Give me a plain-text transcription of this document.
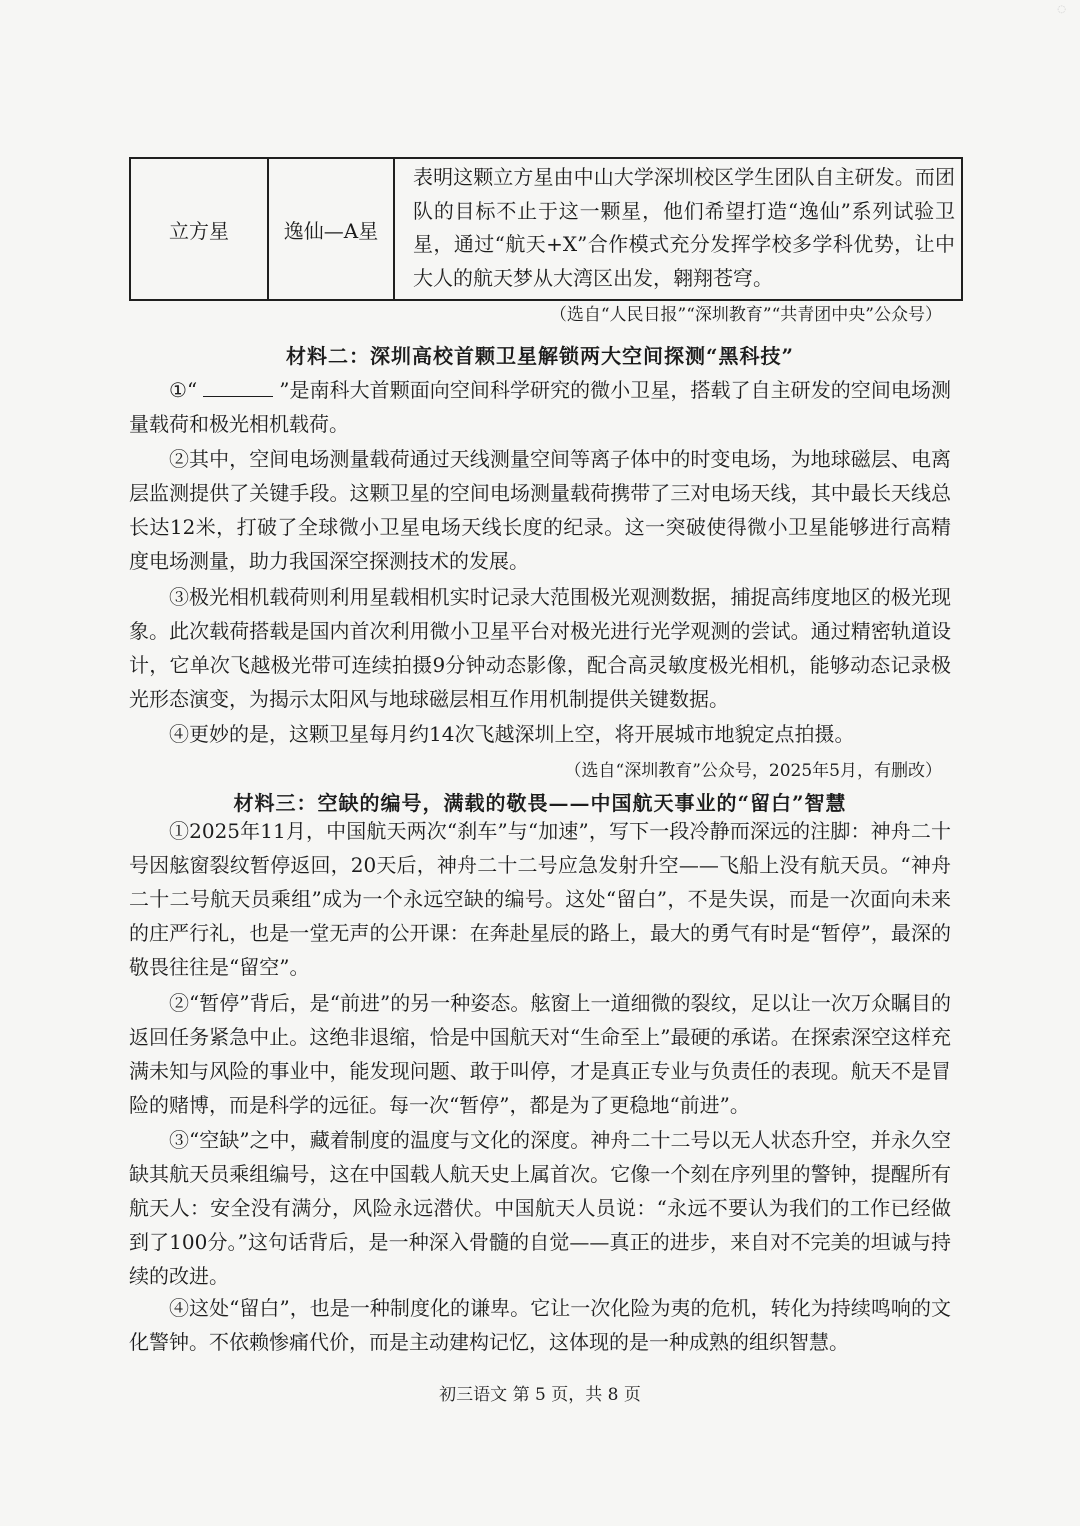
◌
立方星	逸仙—A星	表明这颗立方星由中山大学深圳校区学生团队自主研发。而团队的目标不止于这一颗星，他们希望打造“逸仙”系列试验卫星，通过“航天+X”合作模式充分发挥学校多学科优势，让中大人的航天梦从大湾区出发，翱翔苍穹。
（选自“人民日报”“深圳教育”“共青团中央”公众号）
材料二：深圳高校首颗卫星解锁两大空间探测“黑科技”

①“	”是南科大首颗面向空间科学研究的微小卫星，搭载了自主研发的空间电场测量载荷和极光相机载荷。

②其中，空间电场测量载荷通过天线测量空间等离子体中的时变电场，为地球磁层、电离层监测提供了关键手段。这颗卫星的空间电场测量载荷携带了三对电场天线，其中最长天线总长达12米，打破了全球微小卫星电场天线长度的纪录。这一突破使得微小卫星能够进行高精度电场测量，助力我国深空探测技术的发展。

③极光相机载荷则利用星载相机实时记录大范围极光观测数据，捕捉高纬度地区的极光现象。此次载荷搭载是国内首次利用微小卫星平台对极光进行光学观测的尝试。通过精密轨道设计，它单次飞越极光带可连续拍摄9分钟动态影像，配合高灵敏度极光相机，能够动态记录极光形态演变，为揭示太阳风与地球磁层相互作用机制提供关键数据。

④更妙的是，这颗卫星每月约14次飞越深圳上空，将开展城市地貌定点拍摄。

（选自“深圳教育”公众号，2025年5月，有删改）
材料三：空缺的编号，满载的敬畏——中国航天事业的“留白”智慧

①2025年11月，中国航天两次“刹车”与“加速”，写下一段冷静而深远的注脚：神舟二十号因舷窗裂纹暂停返回，20天后，神舟二十二号应急发射升空——飞船上没有航天员。“神舟二十二号航天员乘组”成为一个永远空缺的编号。这处“留白”，不是失误，而是一次面向未来的庄严行礼，也是一堂无声的公开课：在奔赴星辰的路上，最大的勇气有时是“暂停”，最深的敬畏往往是“留空”。

②“暂停”背后，是“前进”的另一种姿态。舷窗上一道细微的裂纹，足以让一次万众瞩目的返回任务紧急中止。这绝非退缩，恰是中国航天对“生命至上”最硬的承诺。在探索深空这样充满未知与风险的事业中，能发现问题、敢于叫停，才是真正专业与负责任的表现。航天不是冒险的赌博，而是科学的远征。每一次“暂停”，都是为了更稳地“前进”。

③“空缺”之中，藏着制度的温度与文化的深度。神舟二十二号以无人状态升空，并永久空缺其航天员乘组编号，这在中国载人航天史上属首次。它像一个刻在序列里的警钟，提醒所有航天人：安全没有满分，风险永远潜伏。中国航天人员说：“永远不要认为我们的工作已经做到了100分。”这句话背后，是一种深入骨髓的自觉——真正的进步，来自对不完美的坦诚与持续的改进。

④这处“留白”，也是一种制度化的谦卑。它让一次化险为夷的危机，转化为持续鸣响的文化警钟。不依赖惨痛代价，而是主动建构记忆，这体现的是一种成熟的组织智慧。

初三语文 第 5 页，共 8 页
